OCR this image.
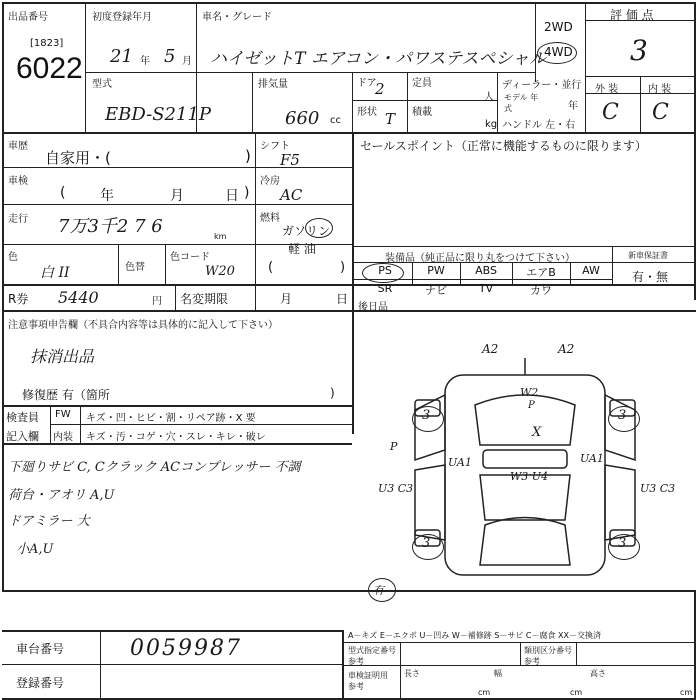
出品番号
[1823]
6022
初度登録年月
21 年 5 月
車名・グレード
ハイゼットT エアコン・パワステスペシャル
2WD
4WD
評 価 点
3
型式
EBD-S211P
排気量
660 cc
ドア
2	定員
人
形状 T 積載
kg
ディーラー・並行
モデル 年式	年
ハンドル 左・右
外 装	内 装
C C
車歴
自家用・(	)
シフト
F5
セールスポイント（正常に機能するものに限ります）
車検
( 年	月	日 )
冷房
AC
走行 7万3千2 7 6	km
燃料
ガソリン
軽 油
(	)
色
白 II	色替
色コード
W20
装備品（純正品に限り丸をつけて下さい）	新車保証書
有・無
PS	PW	ABS	エアB	AW
SR	ナビ	TV	カワ
R券 5440	円 名変期限	月	日
後日品
注意事項申告欄（不具合内容等は具体的に記入して下さい）
抹消出品
修復歴 有（箇所	)
検査員
記入欄
FW キズ・凹・ヒビ・割・リペア跡・X 要
内装 キズ・汚・コゲ・穴・スレ・キレ・破レ
下廻りサビ C, Cクラック ACコンプレッサー 不調
荷台・アオリ A,U
ドアミラー 大
小A,U
A2	A2
W2
P
X
P
UA1	UA1
U3 C3
W3 U4
U3 C3
有
3	3
3	3
車台番号	0059987
登録番号
A－キズ E－エクボ U－凹み W－補修跡 S－サビ C－腐食 XX－交換済
型式指定番号 参考
類別区分番号 参考
車検証明用 参考
長さ	幅	高さ
cm	cm	cm
